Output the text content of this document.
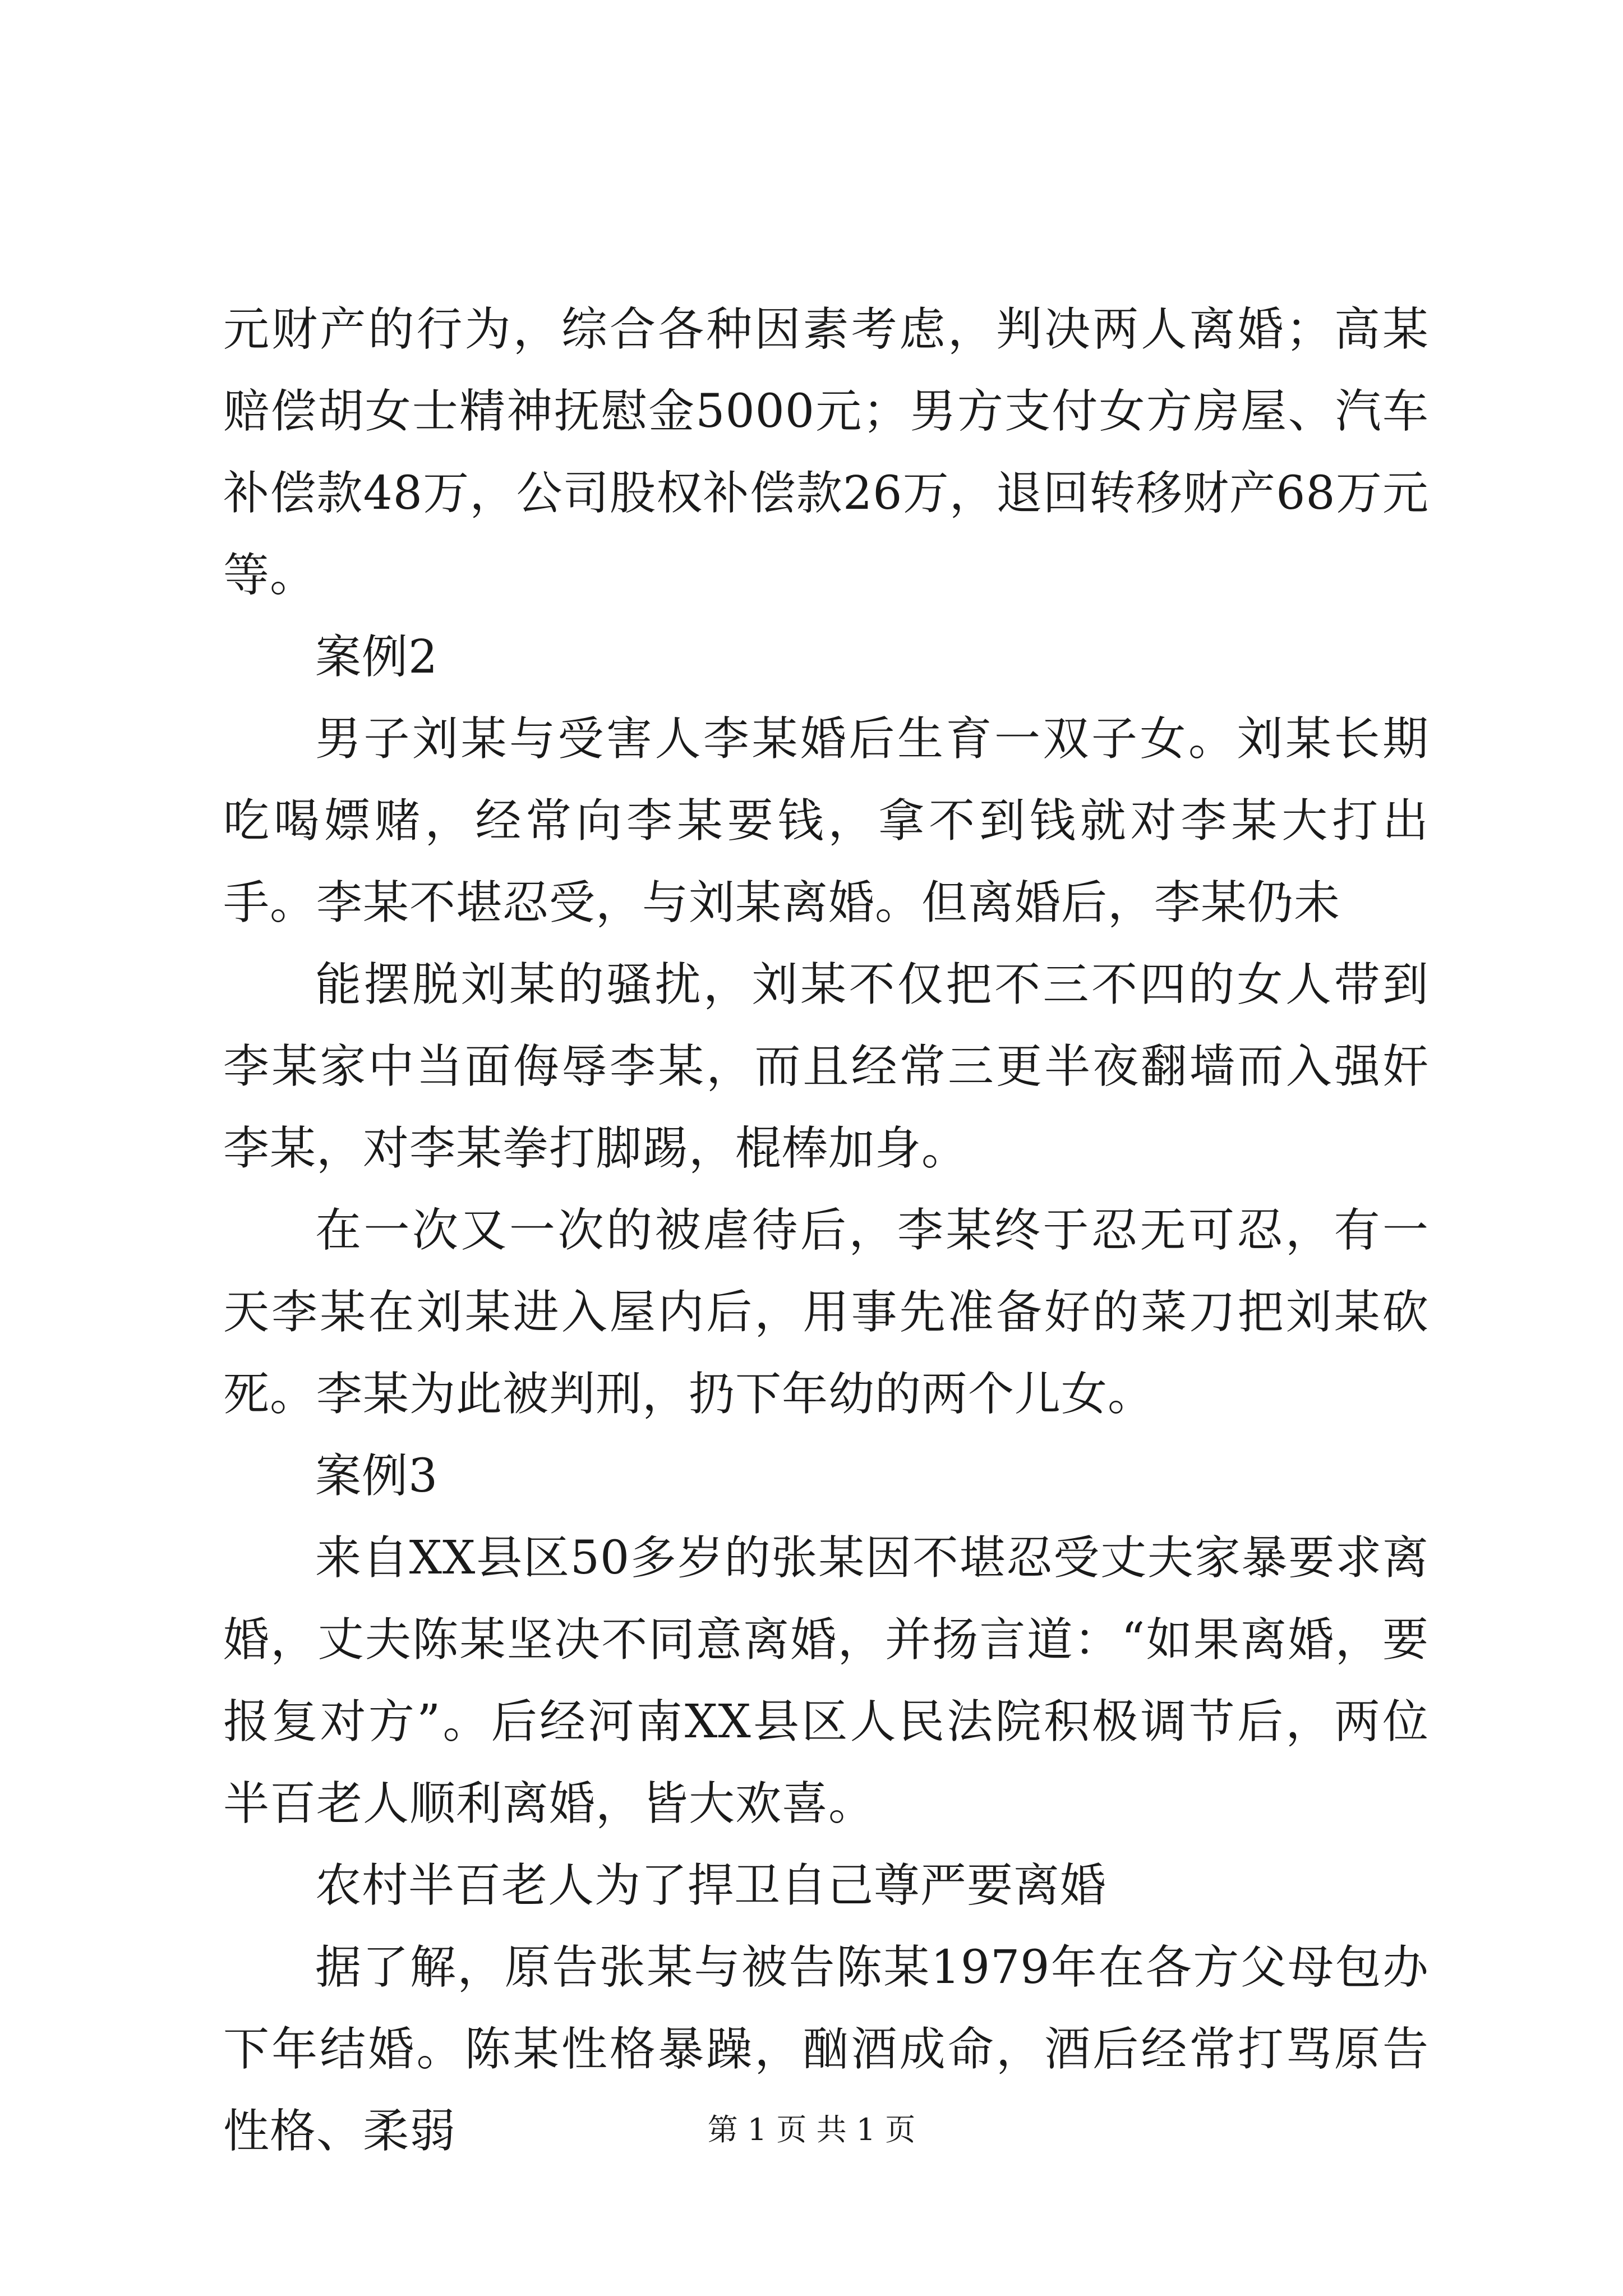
元财产的行为，综合各种因素考虑，判决两人离婚；高某赔偿胡女士精神抚慰金5000元；男方支付女方房屋、汽车补偿款48万，公司股权补偿款26万，退回转移财产68万元等。

案例2

男子刘某与受害人李某婚后生育一双子女。刘某长期吃喝嫖赌，经常向李某要钱，拿不到钱就对李某大打出手。李某不堪忍受，与刘某离婚。但离婚后，李某仍未

能摆脱刘某的骚扰，刘某不仅把不三不四的女人带到李某家中当面侮辱李某，而且经常三更半夜翻墙而入强奸李某，对李某拳打脚踢，棍棒加身。

在一次又一次的被虐待后，李某终于忍无可忍，有一天李某在刘某进入屋内后，用事先准备好的菜刀把刘某砍死。李某为此被判刑，扔下年幼的两个儿女。

案例3

来自XX县区50多岁的张某因不堪忍受丈夫家暴要求离婚，丈夫陈某坚决不同意离婚，并扬言道：“如果离婚，要报复对方”。后经河南XX县区人民法院积极调节后，两位半百老人顺利离婚，皆大欢喜。

农村半百老人为了捍卫自己尊严要离婚

据了解，原告张某与被告陈某1979年在各方父母包办下年结婚。陈某性格暴躁，酗酒成命，酒后经常打骂原告性格、柔弱	第 1 页 共 1 页
